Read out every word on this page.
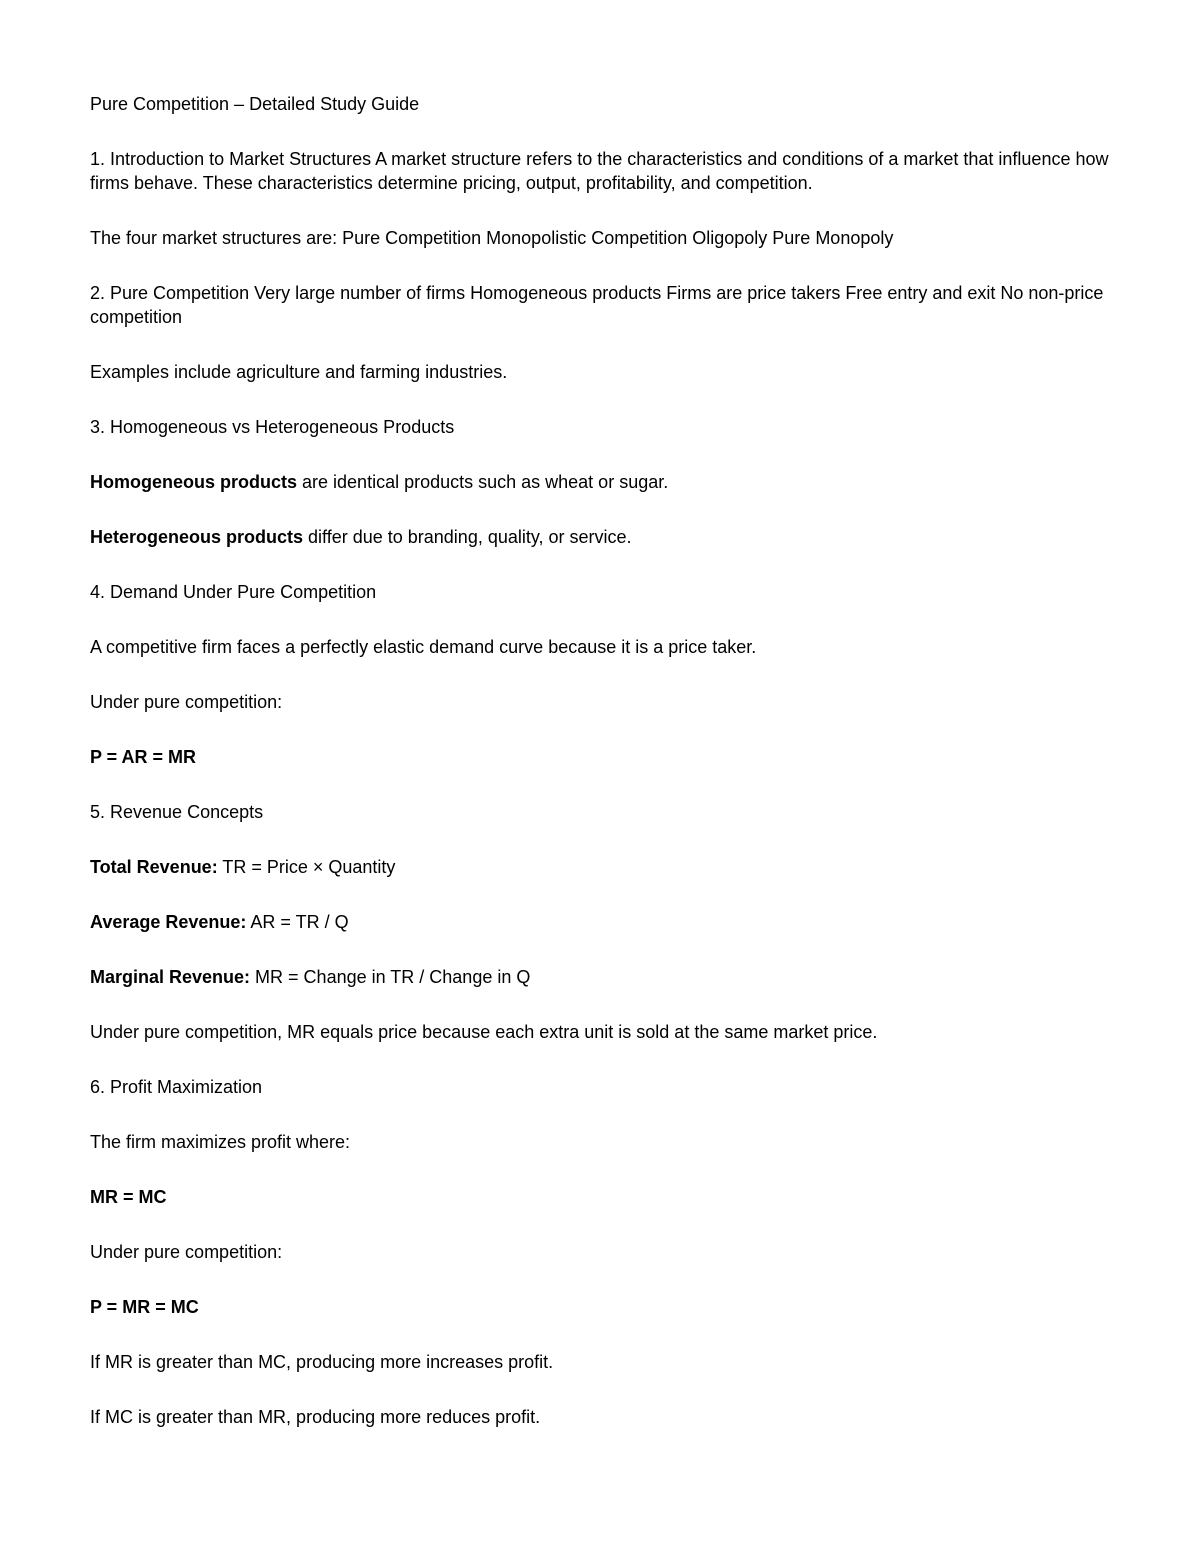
Pure Competition – Detailed Study Guide

1. Introduction to Market Structures A market structure refers to the characteristics and conditions of a market that influence how firms behave. These characteristics determine pricing, output, profitability, and competition.

The four market structures are: Pure Competition Monopolistic Competition Oligopoly Pure Monopoly

2. Pure Competition Very large number of firms Homogeneous products Firms are price takers Free entry and exit No non-price competition

Examples include agriculture and farming industries.

3. Homogeneous vs Heterogeneous Products

Homogeneous products are identical products such as wheat or sugar.

Heterogeneous products differ due to branding, quality, or service.

4. Demand Under Pure Competition

A competitive firm faces a perfectly elastic demand curve because it is a price taker.

Under pure competition:

P = AR = MR

5. Revenue Concepts

Total Revenue: TR = Price × Quantity

Average Revenue: AR = TR / Q

Marginal Revenue: MR = Change in TR / Change in Q

Under pure competition, MR equals price because each extra unit is sold at the same market price.

6. Profit Maximization

The firm maximizes profit where:

MR = MC

Under pure competition:

P = MR = MC

If MR is greater than MC, producing more increases profit.

If MC is greater than MR, producing more reduces profit.
